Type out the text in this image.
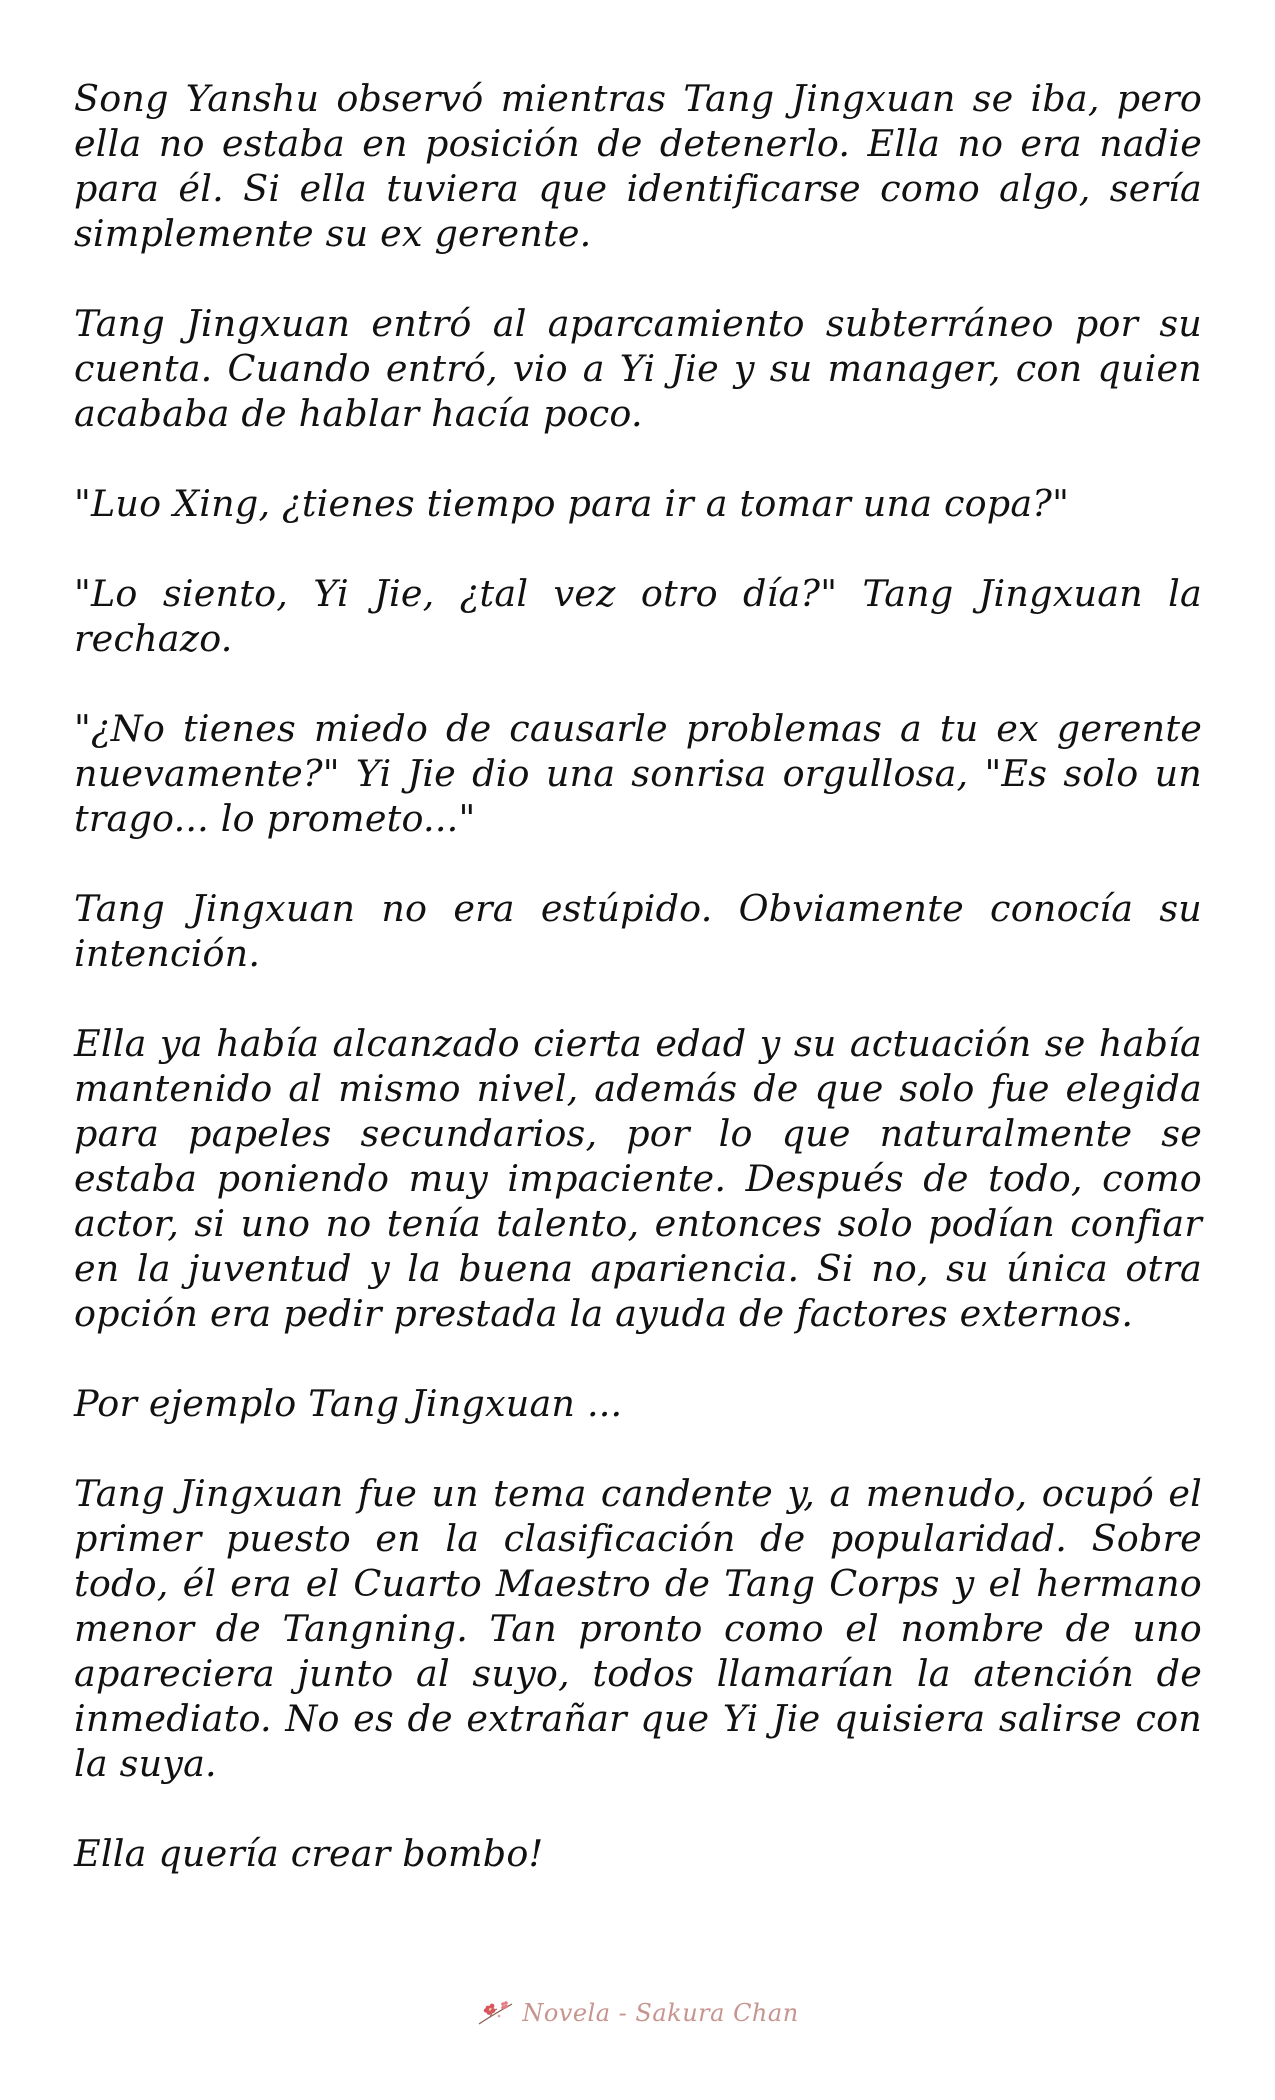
Song Yanshu observó mientras Tang Jingxuan se iba, pero ella no estaba en posición de detenerlo. Ella no era nadie para él. Si ella tuviera que identificarse como algo, sería simplemente su ex gerente.

Tang Jingxuan entró al aparcamiento subterráneo por su cuenta. Cuando entró, vio a Yi Jie y su manager, con quien acababa de hablar hacía poco.

"Luo Xing, ¿tienes tiempo para ir a tomar una copa?"

"Lo siento, Yi Jie, ¿tal vez otro día?" Tang Jingxuan la rechazo.

"¿No tienes miedo de causarle problemas a tu ex gerente nuevamente?" Yi Jie dio una sonrisa orgullosa, "Es solo un trago... lo prometo..."

Tang Jingxuan no era estúpido. Obviamente conocía su intención.

Ella ya había alcanzado cierta edad y su actuación se había mantenido al mismo nivel, además de que solo fue elegida para papeles secundarios, por lo que naturalmente se estaba poniendo muy impaciente. Después de todo, como actor, si uno no tenía talento, entonces solo podían confiar en la juventud y la buena apariencia. Si no, su única otra opción era pedir prestada la ayuda de factores externos.

Por ejemplo Tang Jingxuan ...

Tang Jingxuan fue un tema candente y, a menudo, ocupó el primer puesto en la clasificación de popularidad. Sobre todo, él era el Cuarto Maestro de Tang Corps y el hermano menor de Tangning. Tan pronto como el nombre de uno apareciera junto al suyo, todos llamarían la atención de inmediato. No es de extrañar que Yi Jie quisiera salirse con la suya.

Ella quería crear bombo!

Novela - Sakura Chan
